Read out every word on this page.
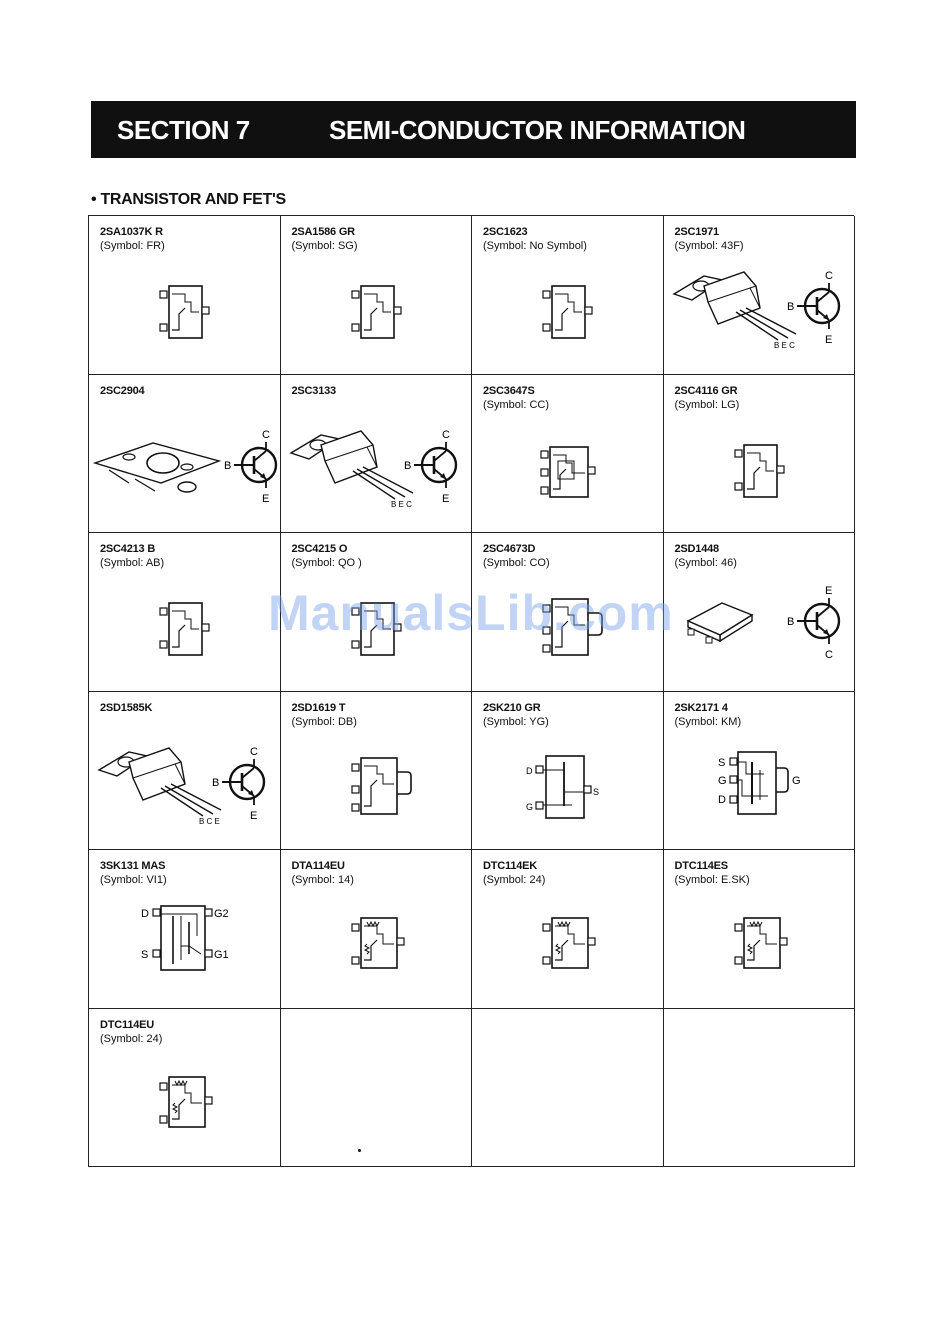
SECTION 7	SEMI-CONDUCTOR INFORMATION
• TRANSISTOR AND FET'S
2SA1037K R
(Symbol: FR)
2SA1586 GR
(Symbol: SG)
2SC1623
(Symbol: No Symbol)
2SC1971
(Symbol: 43F)
B E C
C
E
B
2SC2904
C
E
B
2SC3133
B E C
C
E
B
2SC3647S
(Symbol: CC)
2SC4116 GR
(Symbol: LG)
2SC4213 B
(Symbol: AB)
2SC4215 O
(Symbol: QO )
2SC4673D
(Symbol: CO)
2SD1448
(Symbol: 46)
E
C
B
2SD1585K
B C E
C
E
B
2SD1619 T
(Symbol: DB)
2SK210 GR
(Symbol: YG)
D
G
S
2SK2171 4
(Symbol: KM)
S
G
D
G
3SK131 MAS
(Symbol: VI1)
D
S
G2
G1
DTA114EU
(Symbol: 14)
DTC114EK
(Symbol: 24)
DTC114ES
(Symbol: E.SK)
DTC114EU
(Symbol: 24)
ManualsLib.com
